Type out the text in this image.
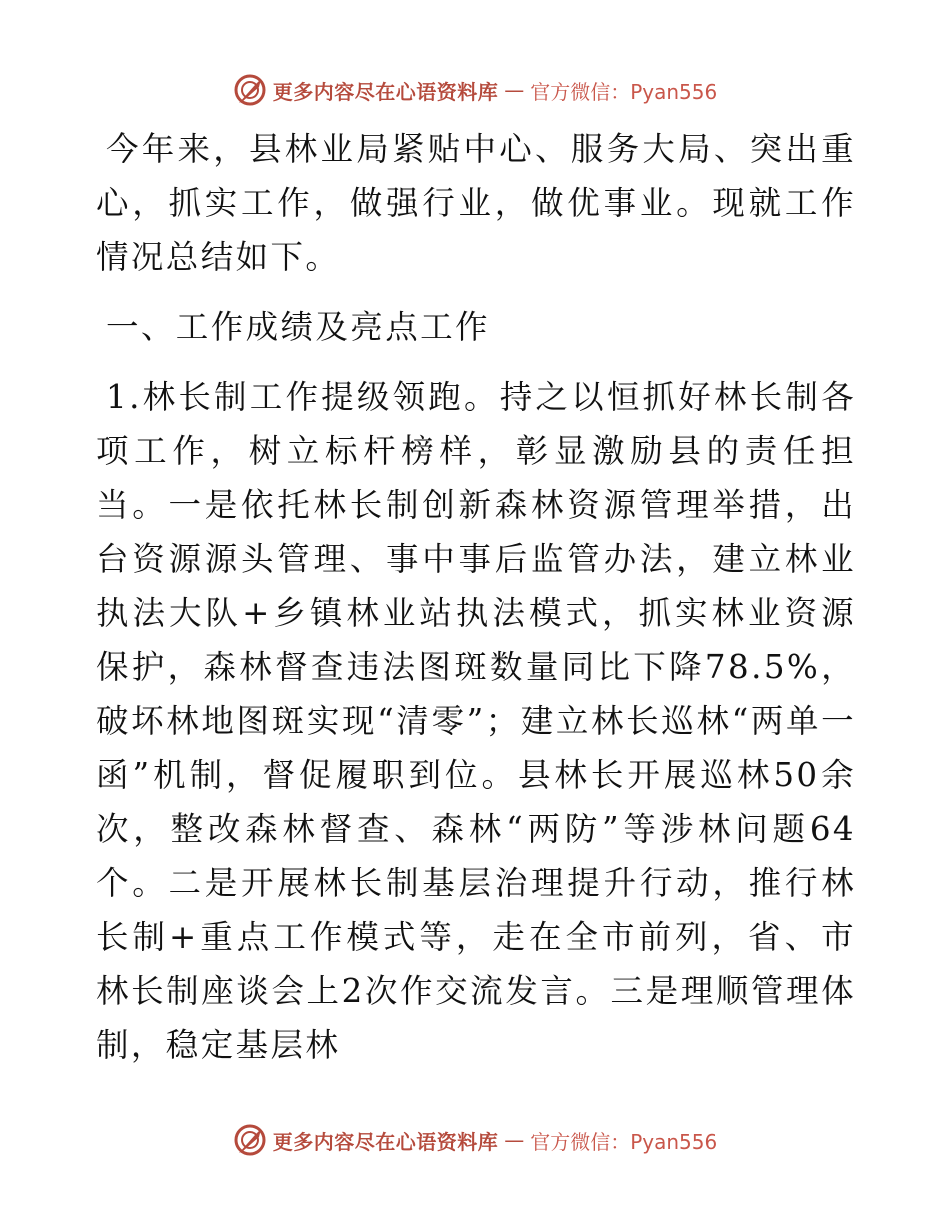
更多内容尽在心语资料库 — 官方微信：Pyan556

今年来，县林业局紧贴中心、服务大局、突出重心，抓实工作，做强行业，做优事业。现就工作情况总结如下。

一、工作成绩及亮点工作

1.林长制工作提级领跑。持之以恒抓好林长制各项工作，树立标杆榜样，彰显激励县的责任担当。一是依托林长制创新森林资源管理举措，出台资源源头管理、事中事后监管办法，建立林业执法大队+乡镇林业站执法模式，抓实林业资源保护，森林督查违法图斑数量同比下降78.5%，破坏林地图斑实现“清零”；建立林长巡林“两单一函”机制，督促履职到位。县林长开展巡林50余次，整改森林督查、森林“两防”等涉林问题64个。二是开展林长制基层治理提升行动，推行林长制+重点工作模式等，走在全市前列，省、市林长制座谈会上2次作交流发言。三是理顺管理体制，稳定基层林

更多内容尽在心语资料库 — 官方微信：Pyan556
